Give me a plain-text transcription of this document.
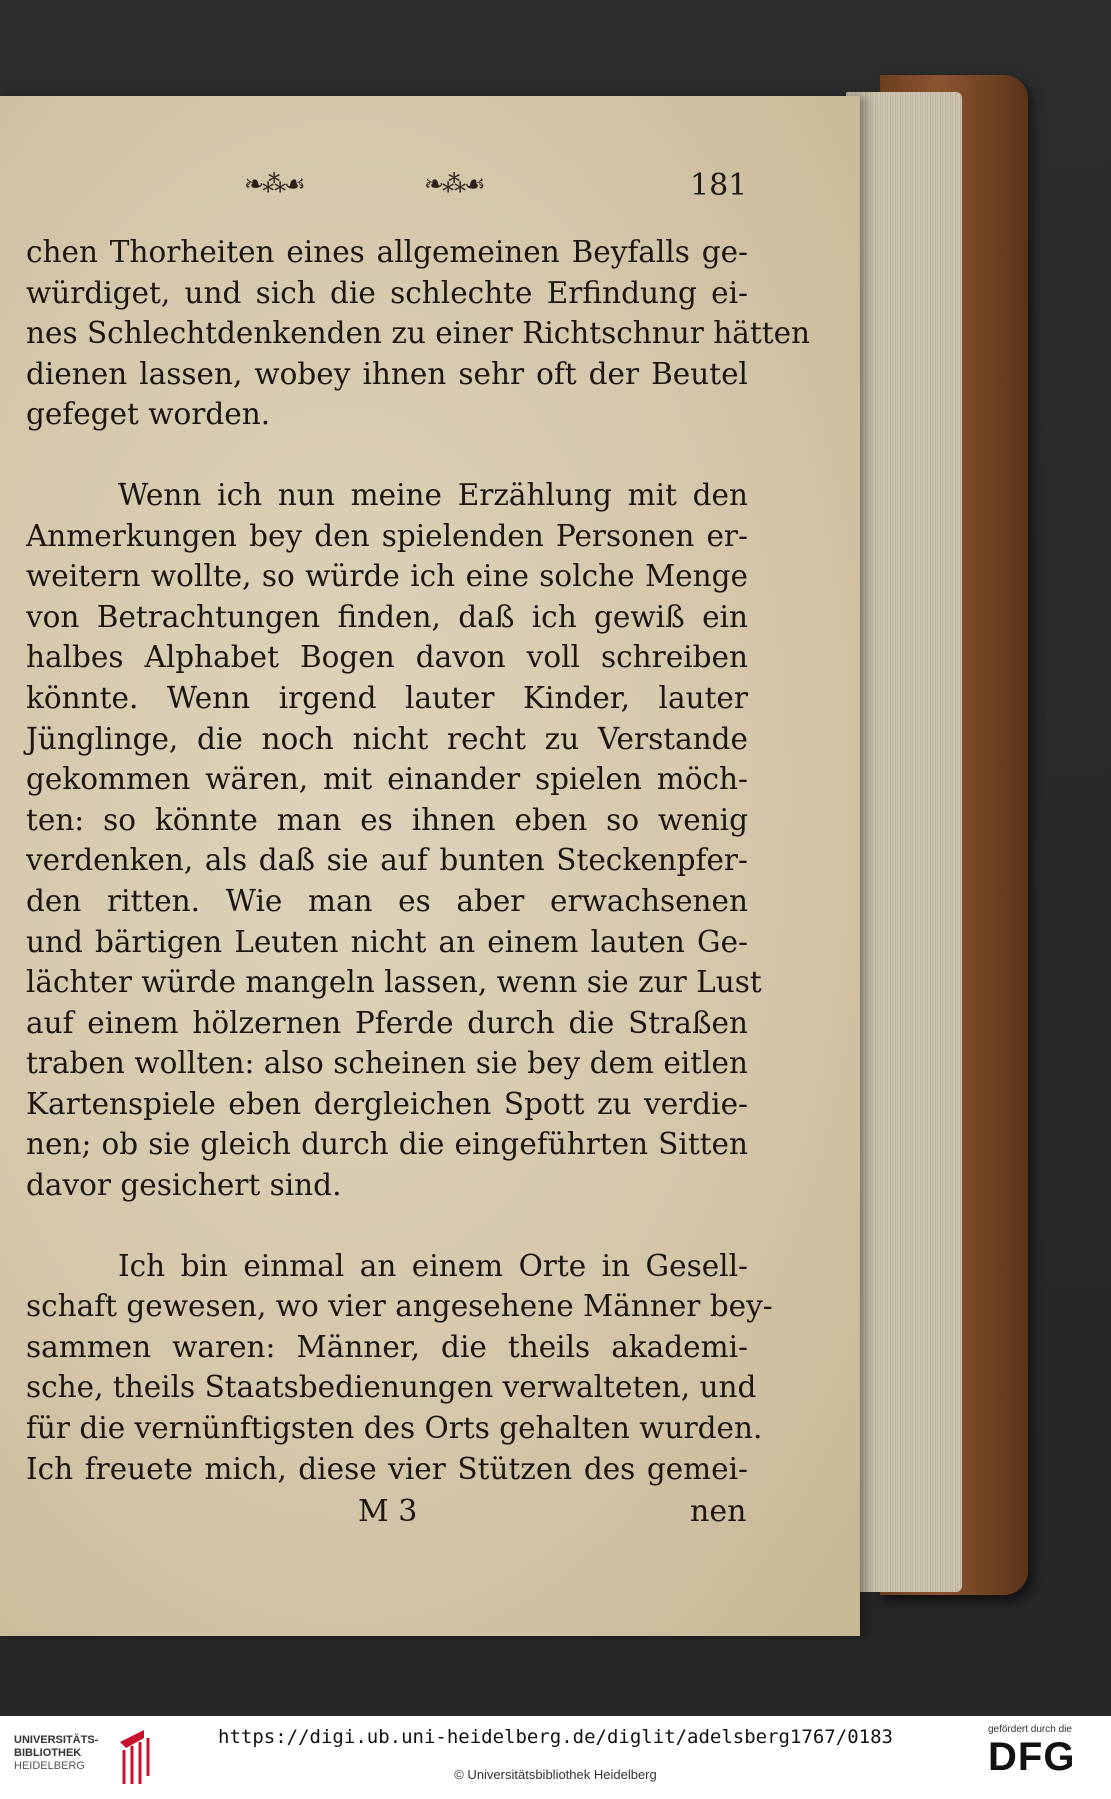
❧⁂☙	❧⁂☙	181
chen Thorheiten eines allgemeinen Beyfalls ge‑
würdiget, und sich die schlechte Erfindung ei‑
nes Schlechtdenkenden zu einer Richtschnur hätten
dienen lassen, wobey ihnen sehr oft der Beutel
gefeget worden.
Wenn ich nun meine Erzählung mit den
Anmerkungen bey den spielenden Personen er‑
weitern wollte, so würde ich eine solche Menge
von Betrachtungen finden, daß ich gewiß ein
halbes Alphabet Bogen davon voll schreiben
könnte. Wenn irgend lauter Kinder, lauter
Jünglinge, die noch nicht recht zu Verstande
gekommen wären, mit einander spielen möch‑
ten: so könnte man es ihnen eben so wenig
verdenken, als daß sie auf bunten Steckenpfer‑
den ritten. Wie man es aber erwachsenen
und bärtigen Leuten nicht an einem lauten Ge‑
lächter würde mangeln lassen, wenn sie zur Lust
auf einem hölzernen Pferde durch die Straßen
traben wollten: also scheinen sie bey dem eitlen
Kartenspiele eben dergleichen Spott zu verdie‑
nen; ob sie gleich durch die eingeführten Sitten
davor gesichert sind.
Ich bin einmal an einem Orte in Gesell‑
schaft gewesen, wo vier angesehene Männer bey‑
sammen waren: Männer, die theils akademi‑
sche, theils Staatsbedienungen verwalteten, und
für die vernünftigsten des Orts gehalten wurden.
Ich freuete mich, diese vier Stützen des gemei‑
M 3	nen
UNIVERSITÄTS-
BIBLIOTHEK
HEIDELBERG
https://digi.ub.uni-heidelberg.de/diglit/adelsberg1767/0183
© Universitätsbibliothek Heidelberg
gefördert durch die
DFG
